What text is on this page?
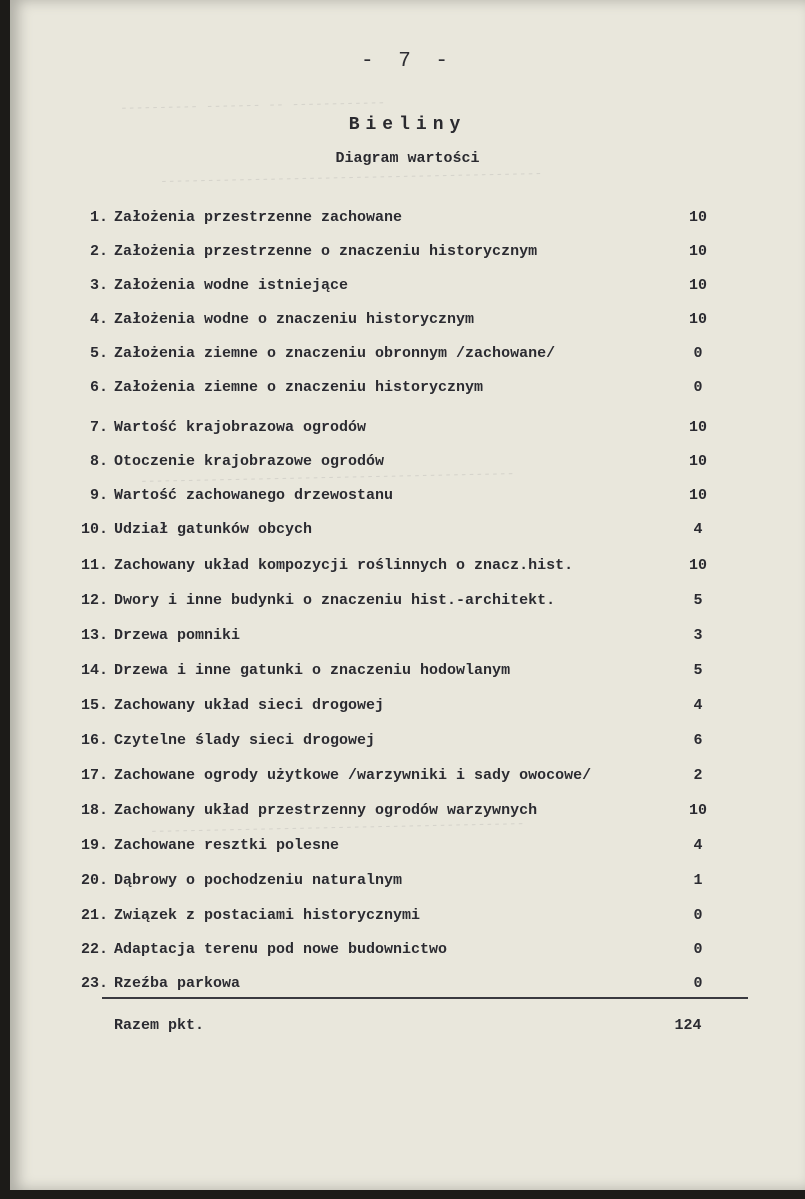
---------- ------- -- ------------
-------------------------------------------------
------------------------------------------------
------------------------------------------------
- 7 -
Bieliny
Diagram wartości
1. Założenia przestrzenne zachowane	10
2. Założenia przestrzenne o znaczeniu historycznym	10
3. Założenia wodne istniejące	10
4. Założenia wodne o znaczeniu historycznym	10
5. Założenia ziemne o znaczeniu obronnym /zachowane/	0
6. Założenia ziemne o znaczeniu historycznym	0
7. Wartość krajobrazowa ogrodów	10
8. Otoczenie krajobrazowe ogrodów	10
9. Wartość zachowanego drzewostanu	10
10. Udział gatunków obcych	4
11. Zachowany układ kompozycji roślinnych o znacz.hist.	10
12. Dwory i inne budynki o znaczeniu hist.-architekt.	5
13. Drzewa pomniki	3
14. Drzewa i inne gatunki o znaczeniu hodowlanym	5
15. Zachowany układ sieci drogowej	4
16. Czytelne ślady sieci drogowej	6
17. Zachowane ogrody użytkowe /warzywniki i sady owocowe/	2
18. Zachowany układ przestrzenny ogrodów warzywnych	10
19. Zachowane resztki polesne	4
20. Dąbrowy o pochodzeniu naturalnym	1
21. Związek z postaciami historycznymi	0
22. Adaptacja terenu pod nowe budownictwo	0
23. Rzeźba parkowa	0
Razem pkt.	124
